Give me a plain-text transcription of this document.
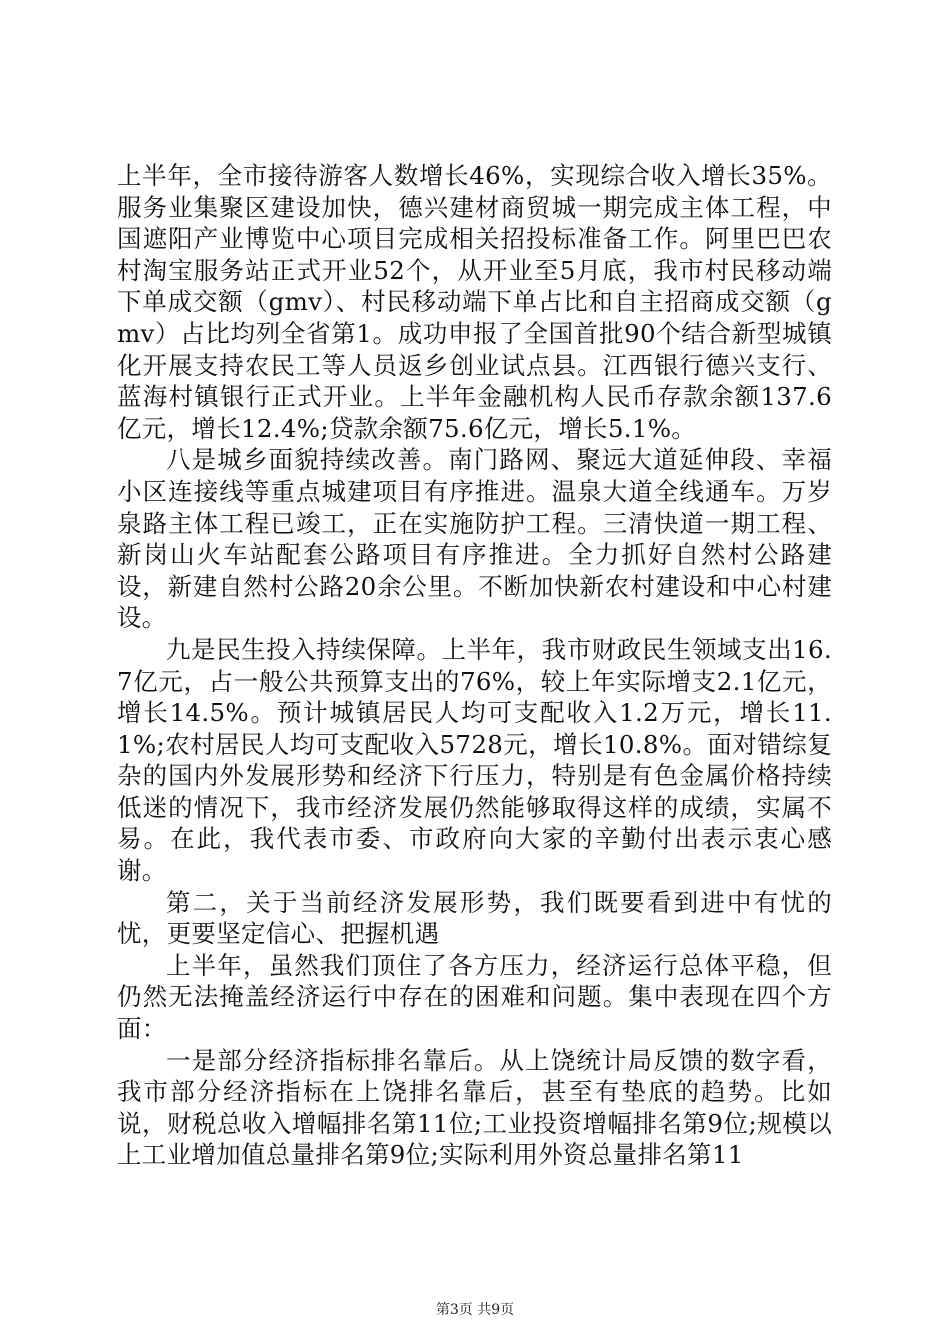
上半年，全市接待游客人数增长46%，实现综合收入增长35%。服务业集聚区建设加快，德兴建材商贸城一期完成主体工程，中国遮阳产业博览中心项目完成相关招投标准备工作。阿里巴巴农村淘宝服务站正式开业52个，从开业至5月底，我市村民移动端下单成交额（gmv）、村民移动端下单占比和自主招商成交额（gmv）占比均列全省第1。成功申报了全国首批90个结合新型城镇化开展支持农民工等人员返乡创业试点县。江西银行德兴支行、蓝海村镇银行正式开业。上半年金融机构人民币存款余额137.6亿元，增长12.4%;贷款余额75.6亿元，增长5.1%。

八是城乡面貌持续改善。南门路网、聚远大道延伸段、幸福小区连接线等重点城建项目有序推进。温泉大道全线通车。万岁泉路主体工程已竣工，正在实施防护工程。三清快道一期工程、新岗山火车站配套公路项目有序推进。全力抓好自然村公路建设，新建自然村公路20余公里。不断加快新农村建设和中心村建设。

九是民生投入持续保障。上半年，我市财政民生领域支出16.7亿元，占一般公共预算支出的76%，较上年实际增支2.1亿元，增长14.5%。预计城镇居民人均可支配收入1.2万元，增长11.1%;农村居民人均可支配收入5728元，增长10.8%。面对错综复杂的国内外发展形势和经济下行压力，特别是有色金属价格持续低迷的情况下，我市经济发展仍然能够取得这样的成绩，实属不易。在此，我代表市委、市政府向大家的辛勤付出表示衷心感谢。

第二，关于当前经济发展形势，我们既要看到进中有忧的忧，更要坚定信心、把握机遇

上半年，虽然我们顶住了各方压力，经济运行总体平稳，但仍然无法掩盖经济运行中存在的困难和问题。集中表现在四个方面：

一是部分经济指标排名靠后。从上饶统计局反馈的数字看，我市部分经济指标在上饶排名靠后，甚至有垫底的趋势。比如说，财税总收入增幅排名第11位;工业投资增幅排名第9位;规模以上工业增加值总量排名第9位;实际利用外资总量排名第11

第3页 共9页
